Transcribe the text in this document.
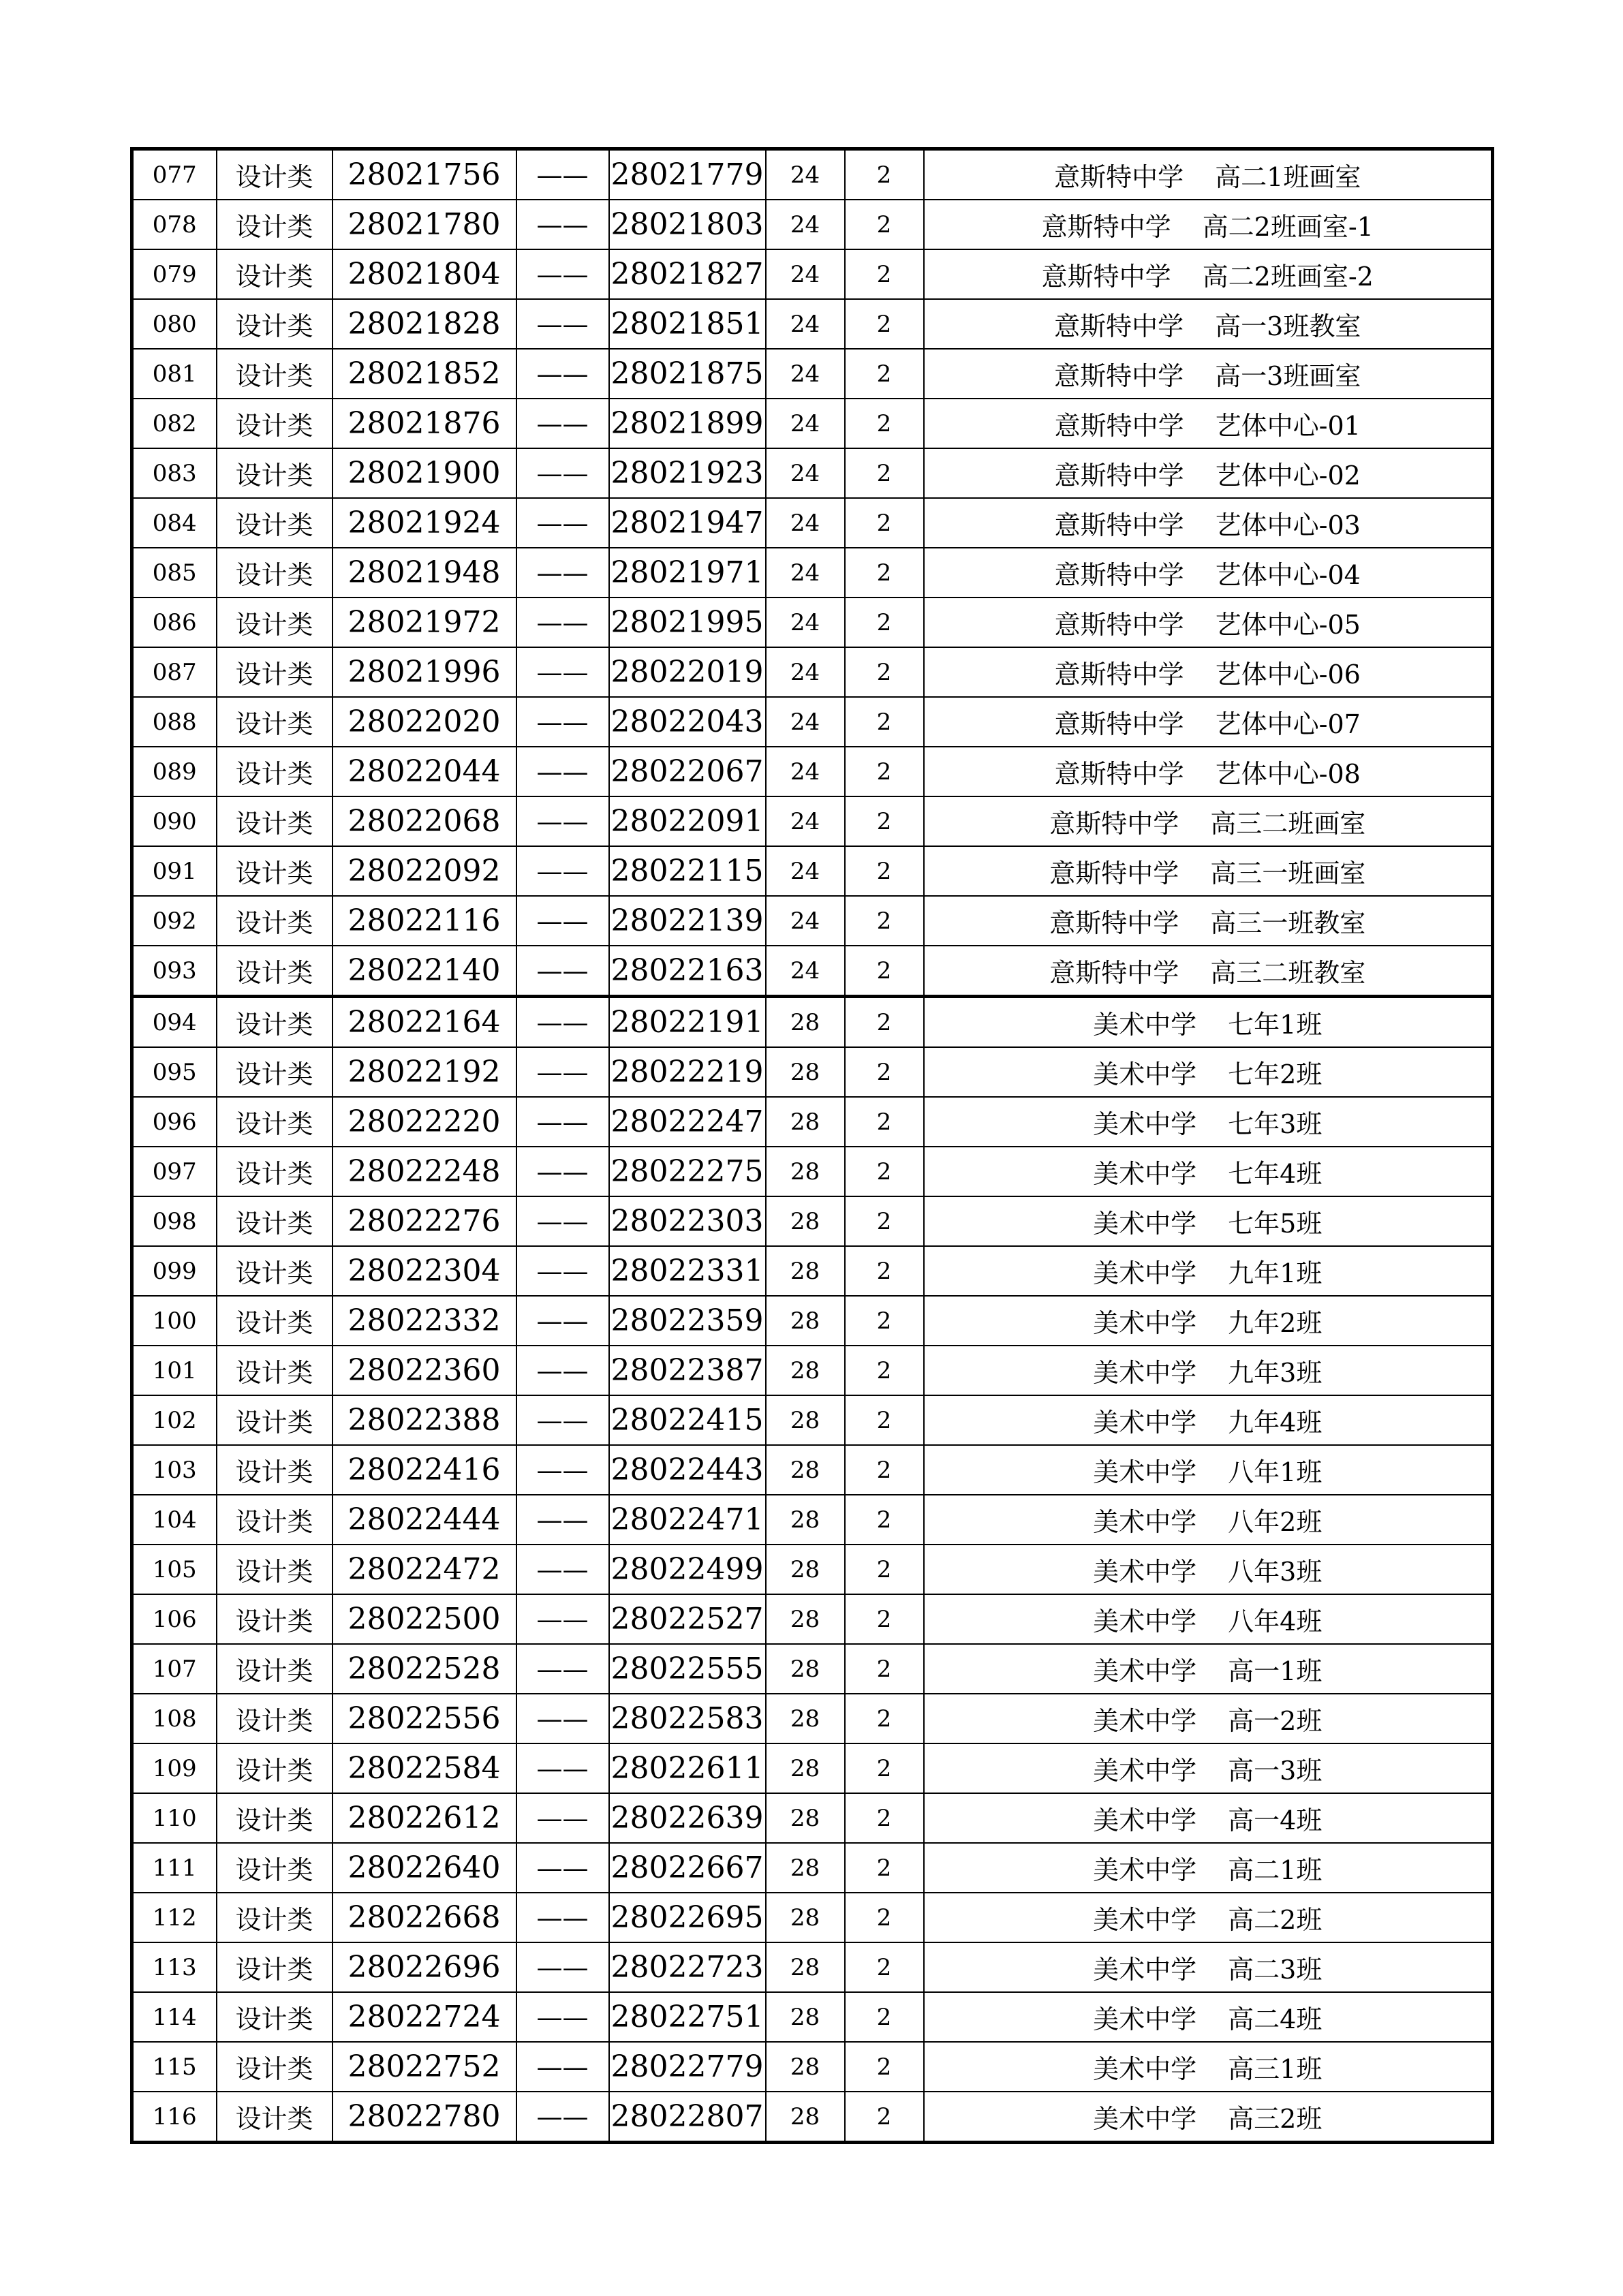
077	设计类	28021756	——	28021779	24	2	意斯特中学 高二1班画室
078	设计类	28021780	——	28021803	24	2	意斯特中学 高二2班画室-1
079	设计类	28021804	——	28021827	24	2	意斯特中学 高二2班画室-2
080	设计类	28021828	——	28021851	24	2	意斯特中学 高一3班教室
081	设计类	28021852	——	28021875	24	2	意斯特中学 高一3班画室
082	设计类	28021876	——	28021899	24	2	意斯特中学 艺体中心-01
083	设计类	28021900	——	28021923	24	2	意斯特中学 艺体中心-02
084	设计类	28021924	——	28021947	24	2	意斯特中学 艺体中心-03
085	设计类	28021948	——	28021971	24	2	意斯特中学 艺体中心-04
086	设计类	28021972	——	28021995	24	2	意斯特中学 艺体中心-05
087	设计类	28021996	——	28022019	24	2	意斯特中学 艺体中心-06
088	设计类	28022020	——	28022043	24	2	意斯特中学 艺体中心-07
089	设计类	28022044	——	28022067	24	2	意斯特中学 艺体中心-08
090	设计类	28022068	——	28022091	24	2	意斯特中学 高三二班画室
091	设计类	28022092	——	28022115	24	2	意斯特中学 高三一班画室
092	设计类	28022116	——	28022139	24	2	意斯特中学 高三一班教室
093	设计类	28022140	——	28022163	24	2	意斯特中学 高三二班教室
094	设计类	28022164	——	28022191	28	2	美术中学 七年1班
095	设计类	28022192	——	28022219	28	2	美术中学 七年2班
096	设计类	28022220	——	28022247	28	2	美术中学 七年3班
097	设计类	28022248	——	28022275	28	2	美术中学 七年4班
098	设计类	28022276	——	28022303	28	2	美术中学 七年5班
099	设计类	28022304	——	28022331	28	2	美术中学 九年1班
100	设计类	28022332	——	28022359	28	2	美术中学 九年2班
101	设计类	28022360	——	28022387	28	2	美术中学 九年3班
102	设计类	28022388	——	28022415	28	2	美术中学 九年4班
103	设计类	28022416	——	28022443	28	2	美术中学 八年1班
104	设计类	28022444	——	28022471	28	2	美术中学 八年2班
105	设计类	28022472	——	28022499	28	2	美术中学 八年3班
106	设计类	28022500	——	28022527	28	2	美术中学 八年4班
107	设计类	28022528	——	28022555	28	2	美术中学 高一1班
108	设计类	28022556	——	28022583	28	2	美术中学 高一2班
109	设计类	28022584	——	28022611	28	2	美术中学 高一3班
110	设计类	28022612	——	28022639	28	2	美术中学 高一4班
111	设计类	28022640	——	28022667	28	2	美术中学 高二1班
112	设计类	28022668	——	28022695	28	2	美术中学 高二2班
113	设计类	28022696	——	28022723	28	2	美术中学 高二3班
114	设计类	28022724	——	28022751	28	2	美术中学 高二4班
115	设计类	28022752	——	28022779	28	2	美术中学 高三1班
116	设计类	28022780	——	28022807	28	2	美术中学 高三2班
